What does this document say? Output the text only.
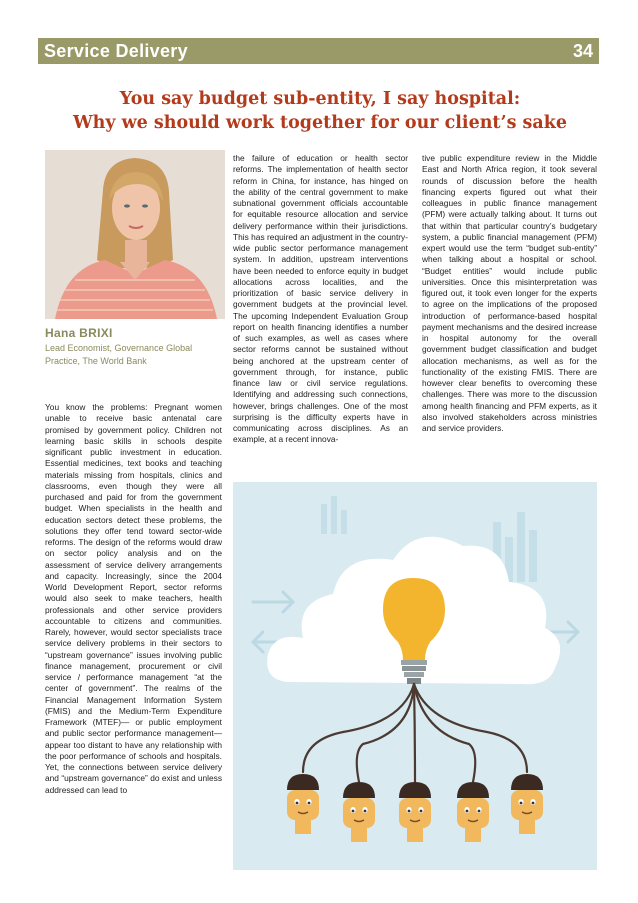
Service Delivery	34
You say budget sub-entity, I say hospital:
Why we should work together for our client’s sake
Hana BRIXI
Lead Economist, Governance Global Practice, The World Bank

You know the problems: Pregnant women unable to receive basic antenatal care promised by government policy. Children not learning basic skills in schools despite significant public investment in education. Essential medicines, text books and teaching materials missing from hospitals, clinics and classrooms, even though they were all purchased and paid for from the government budget. When specialists in the health and education sectors detect these problems, the solutions they offer tend toward sector-wide reforms. The design of the reforms would draw on sector policy analysis and on the assessment of service delivery arrangements and capacity. Increasingly, since the 2004 World Development Report, sector reforms would also seek to make teachers, health professionals and other service providers accountable to citizens and communities. Rarely, however, would sector specialists trace service delivery problems in their sectors to “upstream governance” issues involving public finance management, procurement or civil service / performance management “at the center of government”. The realms of the Financial Management Information System (FMIS) and the Medium-Term Expenditure Framework (MTEF)— or public employment and public sector performance management— appear too distant to have any relationship with the poor performance of schools and hospitals. Yet, the connections between service delivery and “upstream governance” do exist and unless addressed can lead to

the failure of education or health sector reforms. The implementation of health sector reform in China, for instance, has hinged on the ability of the central government to make subnational government officials accountable for equitable resource allocation and service delivery performance within their jurisdictions. This has required an adjustment in the country-wide public sector performance management system. In addition, upstream interventions have been needed to enforce equity in budget allocations across localities, and the prioritization of basic service delivery in government budgets at the provincial level. The upcoming Independent Evaluation Group report on health financing identifies a number of such examples, as well as cases where sector reforms cannot be sustained without being anchored at the upstream center of government through, for instance, public finance law or civil service regulations. Identifying and addressing such connections, however, brings challenges. One of the most surprising is the difficulty experts have in communicating across disciplines. As an example, at a recent innova-

tive public expenditure review in the Middle East and North Africa region, it took several rounds of discussion before the health financing experts figured out what their colleagues in public finance management (PFM) were actually talking about. It turns out that within that particular country’s budgetary system, a public financial management (PFM) expert would use the term “budget sub-entity” when talking about a hospital or school. “Budget entities” would include public universities. Once this misinterpretation was figured out, it took even longer for the experts to agree on the implications of the proposed introduction of performance-based hospital payment mechanisms and the desired increase in hospital autonomy for the overall government budget classification and budget allocation mechanisms, as well as for the functionality of the existing FMIS. There are however clear benefits to overcoming these challenges. There was more to the discussion among health financing and PFM experts, as it also involved stakeholders across ministries and service providers.
